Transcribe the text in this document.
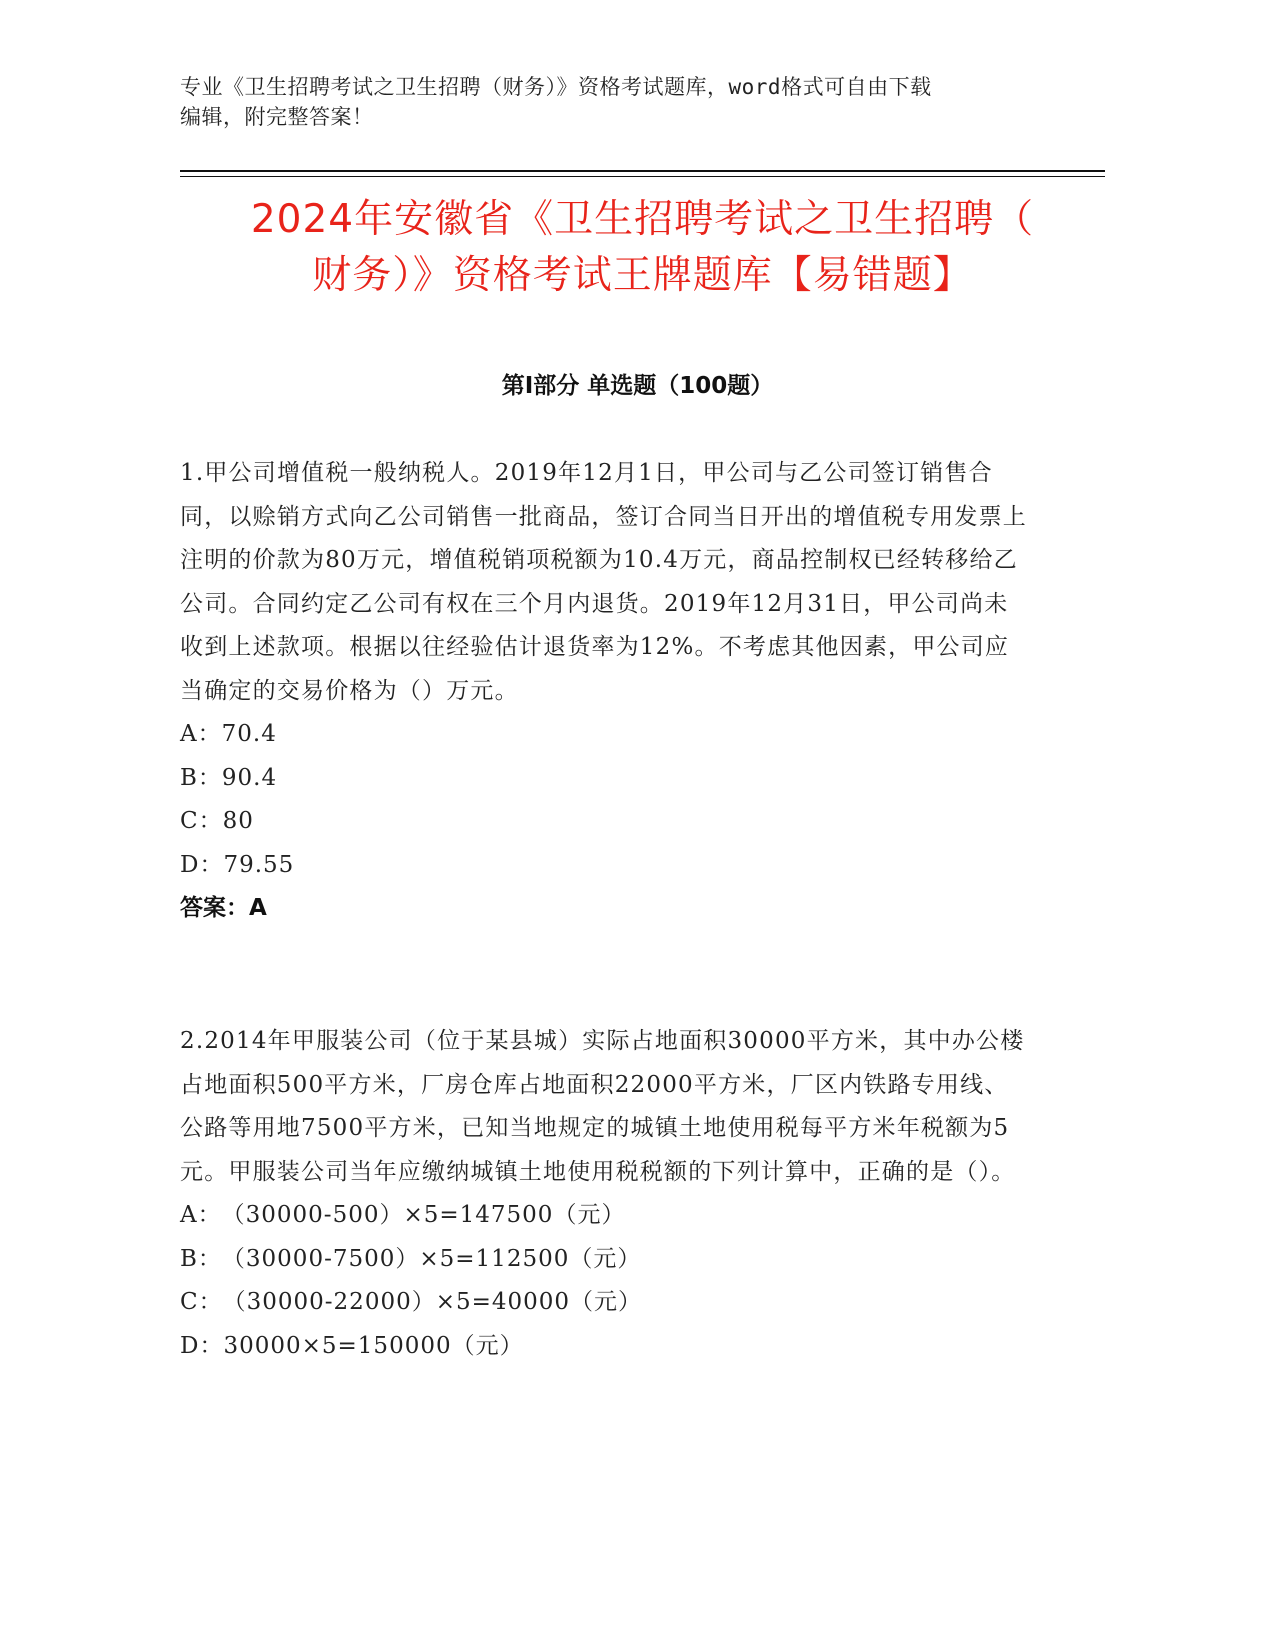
专业《卫生招聘考试之卫生招聘（财务）》资格考试题库，word格式可自由下载
编辑，附完整答案！
2024年安徽省《卫生招聘考试之卫生招聘（
财务）》资格考试王牌题库【易错题】
第Ⅰ部分 单选题（100题）

1.甲公司增值税一般纳税人。2019年12月1日，甲公司与乙公司签订销售合同，以赊销方式向乙公司销售一批商品，签订合同当日开出的增值税专用发票上注明的价款为80万元，增值税销项税额为10.4万元，商品控制权已经转移给乙公司。合同约定乙公司有权在三个月内退货。2019年12月31日，甲公司尚未收到上述款项。根据以往经验估计退货率为12%。不考虑其他因素，甲公司应当确定的交易价格为（）万元。

A：70.4

B：90.4

C：80

D：79.55

答案：A

2.2014年甲服装公司（位于某县城）实际占地面积30000平方米，其中办公楼占地面积500平方米，厂房仓库占地面积22000平方米，厂区内铁路专用线、公路等用地7500平方米，已知当地规定的城镇土地使用税每平方米年税额为5元。甲服装公司当年应缴纳城镇土地使用税税额的下列计算中，正确的是（）。

A：（30000-500）×5=147500（元）

B：（30000-7500）×5=112500（元）

C：（30000-22000）×5=40000（元）

D：30000×5=150000（元）
